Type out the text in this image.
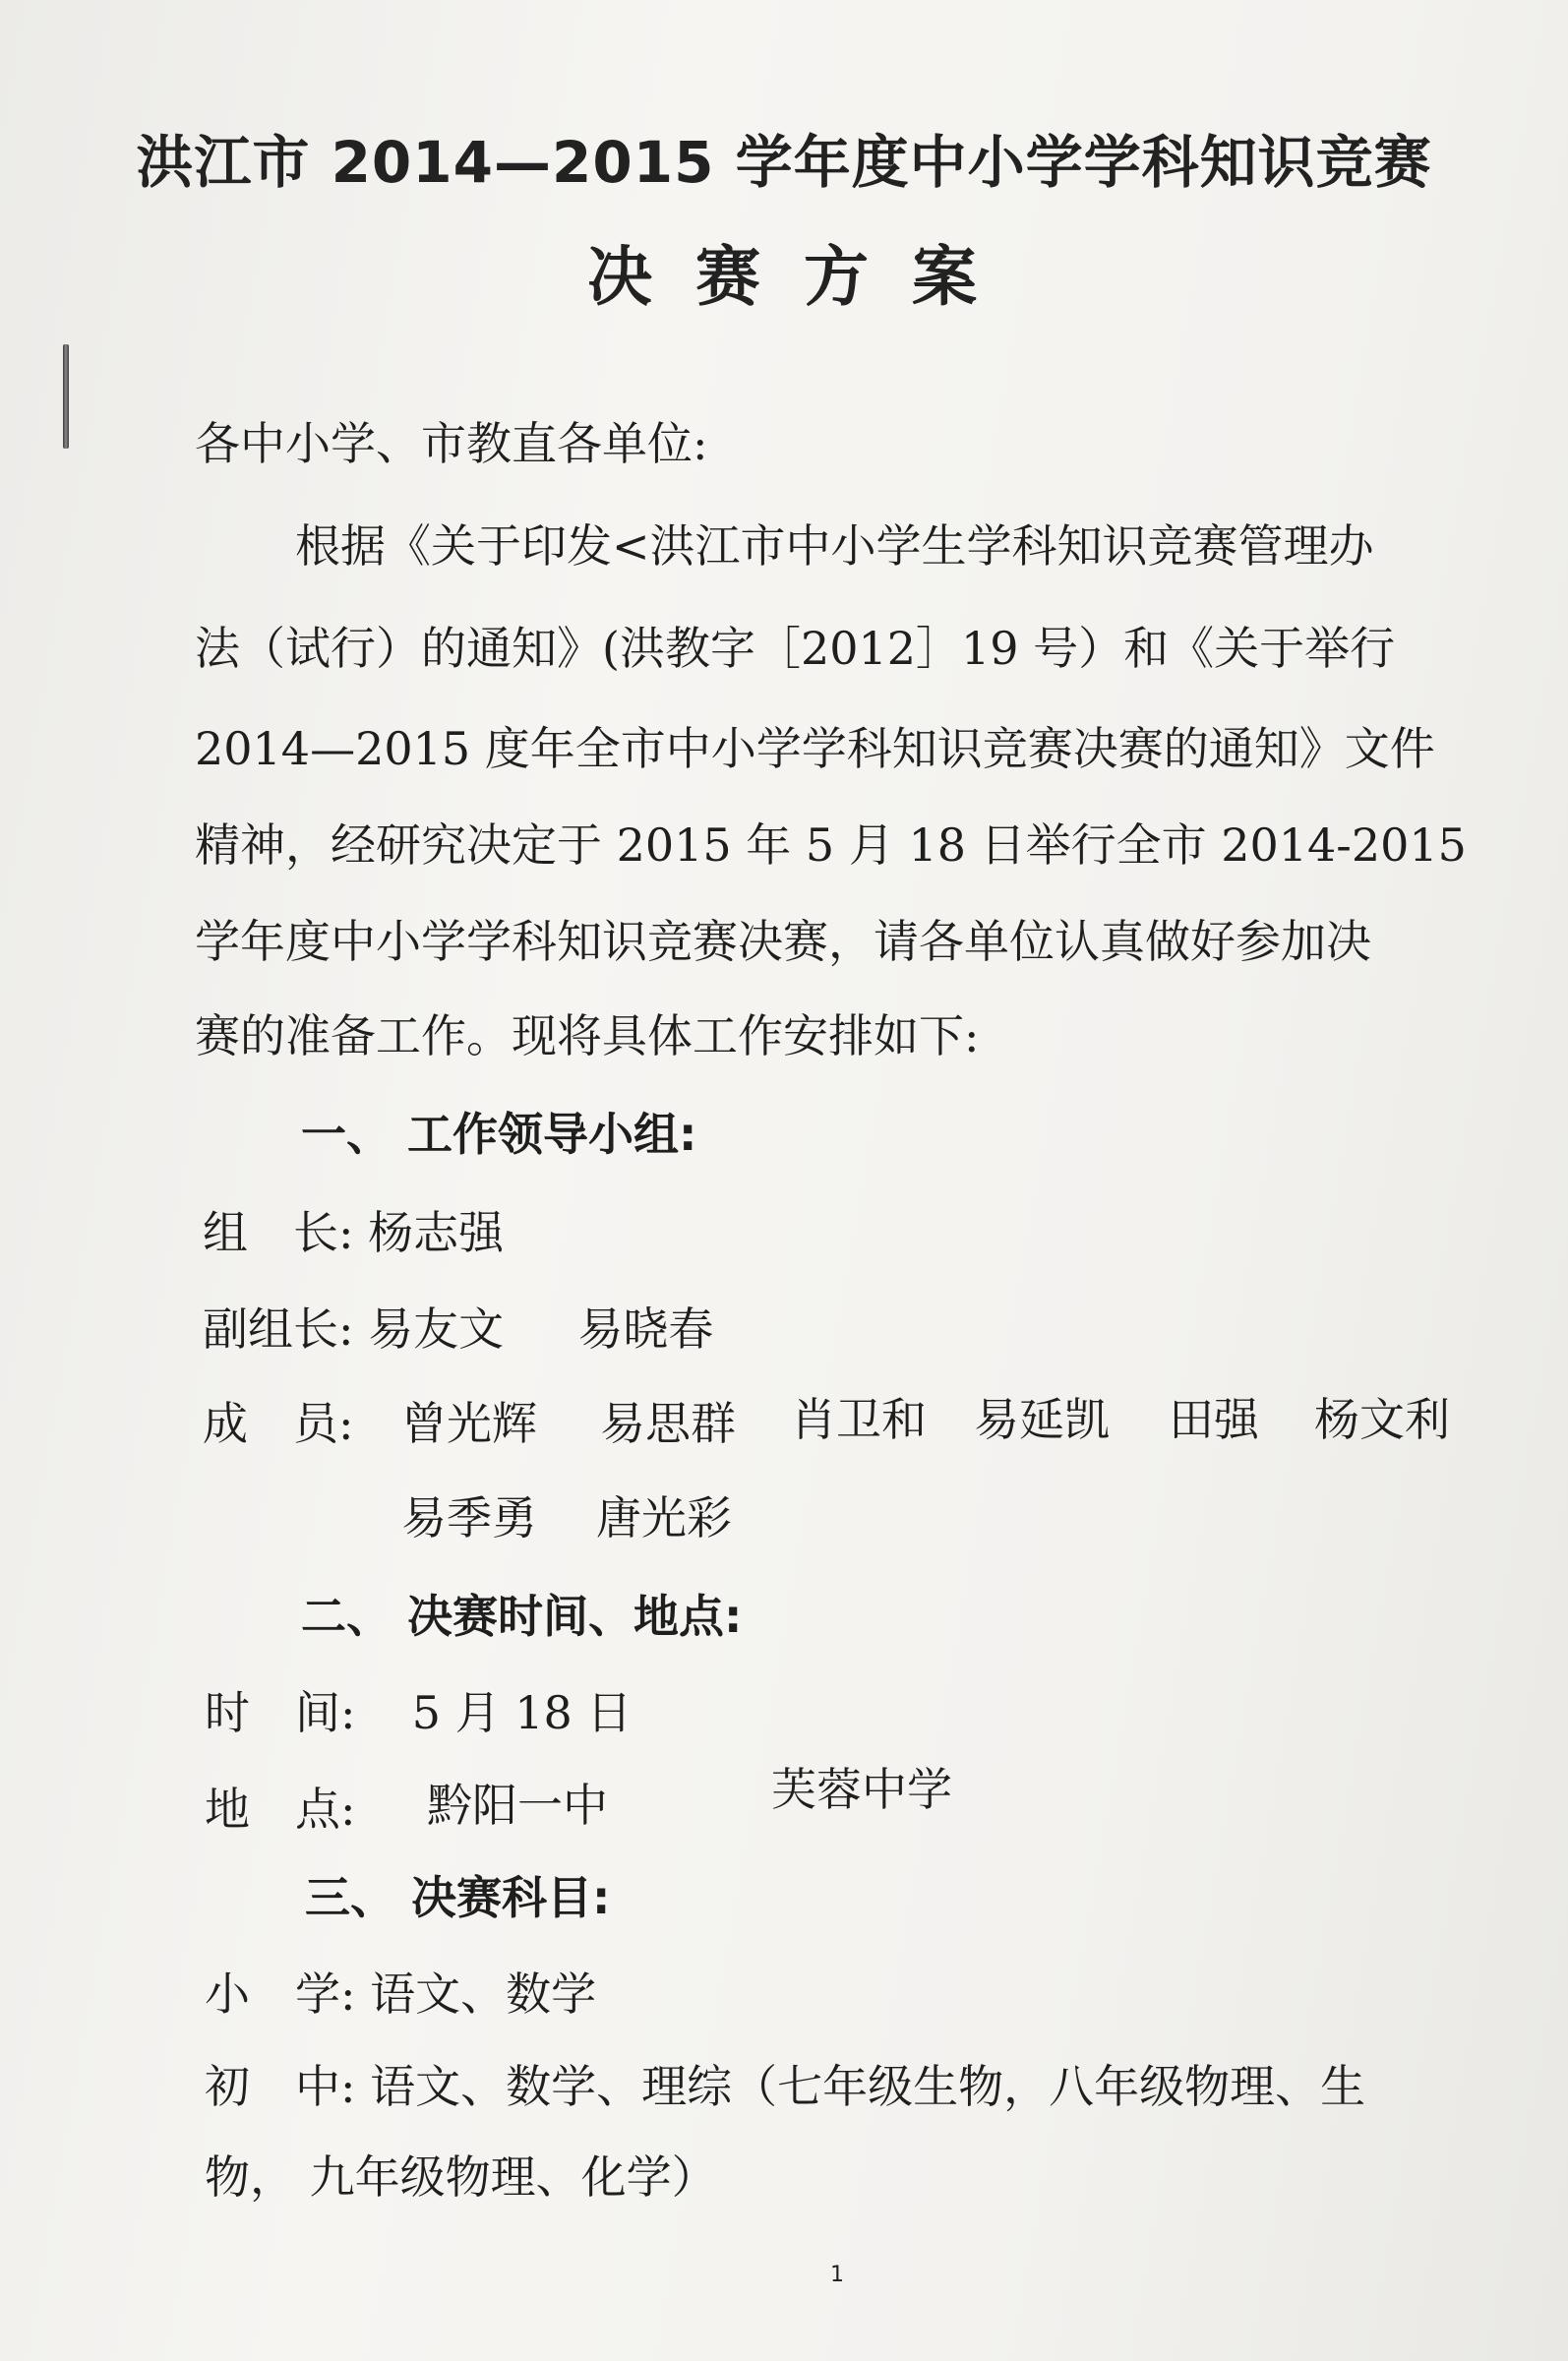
洪江市 2014—2015 学年度中小学学科知识竞赛
决赛方案
各中小学、市教直各单位:
根据《关于印发<洪江市中小学生学科知识竞赛管理办
法（试行）的通知》(洪教字［2012］19 号）和《关于举行
2014—2015 度年全市中小学学科知识竞赛决赛的通知》文件
精神，经研究决定于 2015 年 5 月 18 日举行全市 2014-2015
学年度中小学学科知识竞赛决赛，请各单位认真做好参加决
赛的准备工作。现将具体工作安排如下:
一、 工作领导小组:
组　长: 杨志强
副组长: 易友文 易晓春
成　员: 曾光辉 易思群 肖卫和 易延凯 田强 杨文利
易季勇 唐光彩
二、 决赛时间、地点:
时　间: 5 月 18 日
地　点: 黔阳一中	芙蓉中学
三、 决赛科目:
小　学: 语文、数学
初　中: 语文、数学、理综（七年级生物，八年级物理、生
物， 九年级物理、化学）
1
